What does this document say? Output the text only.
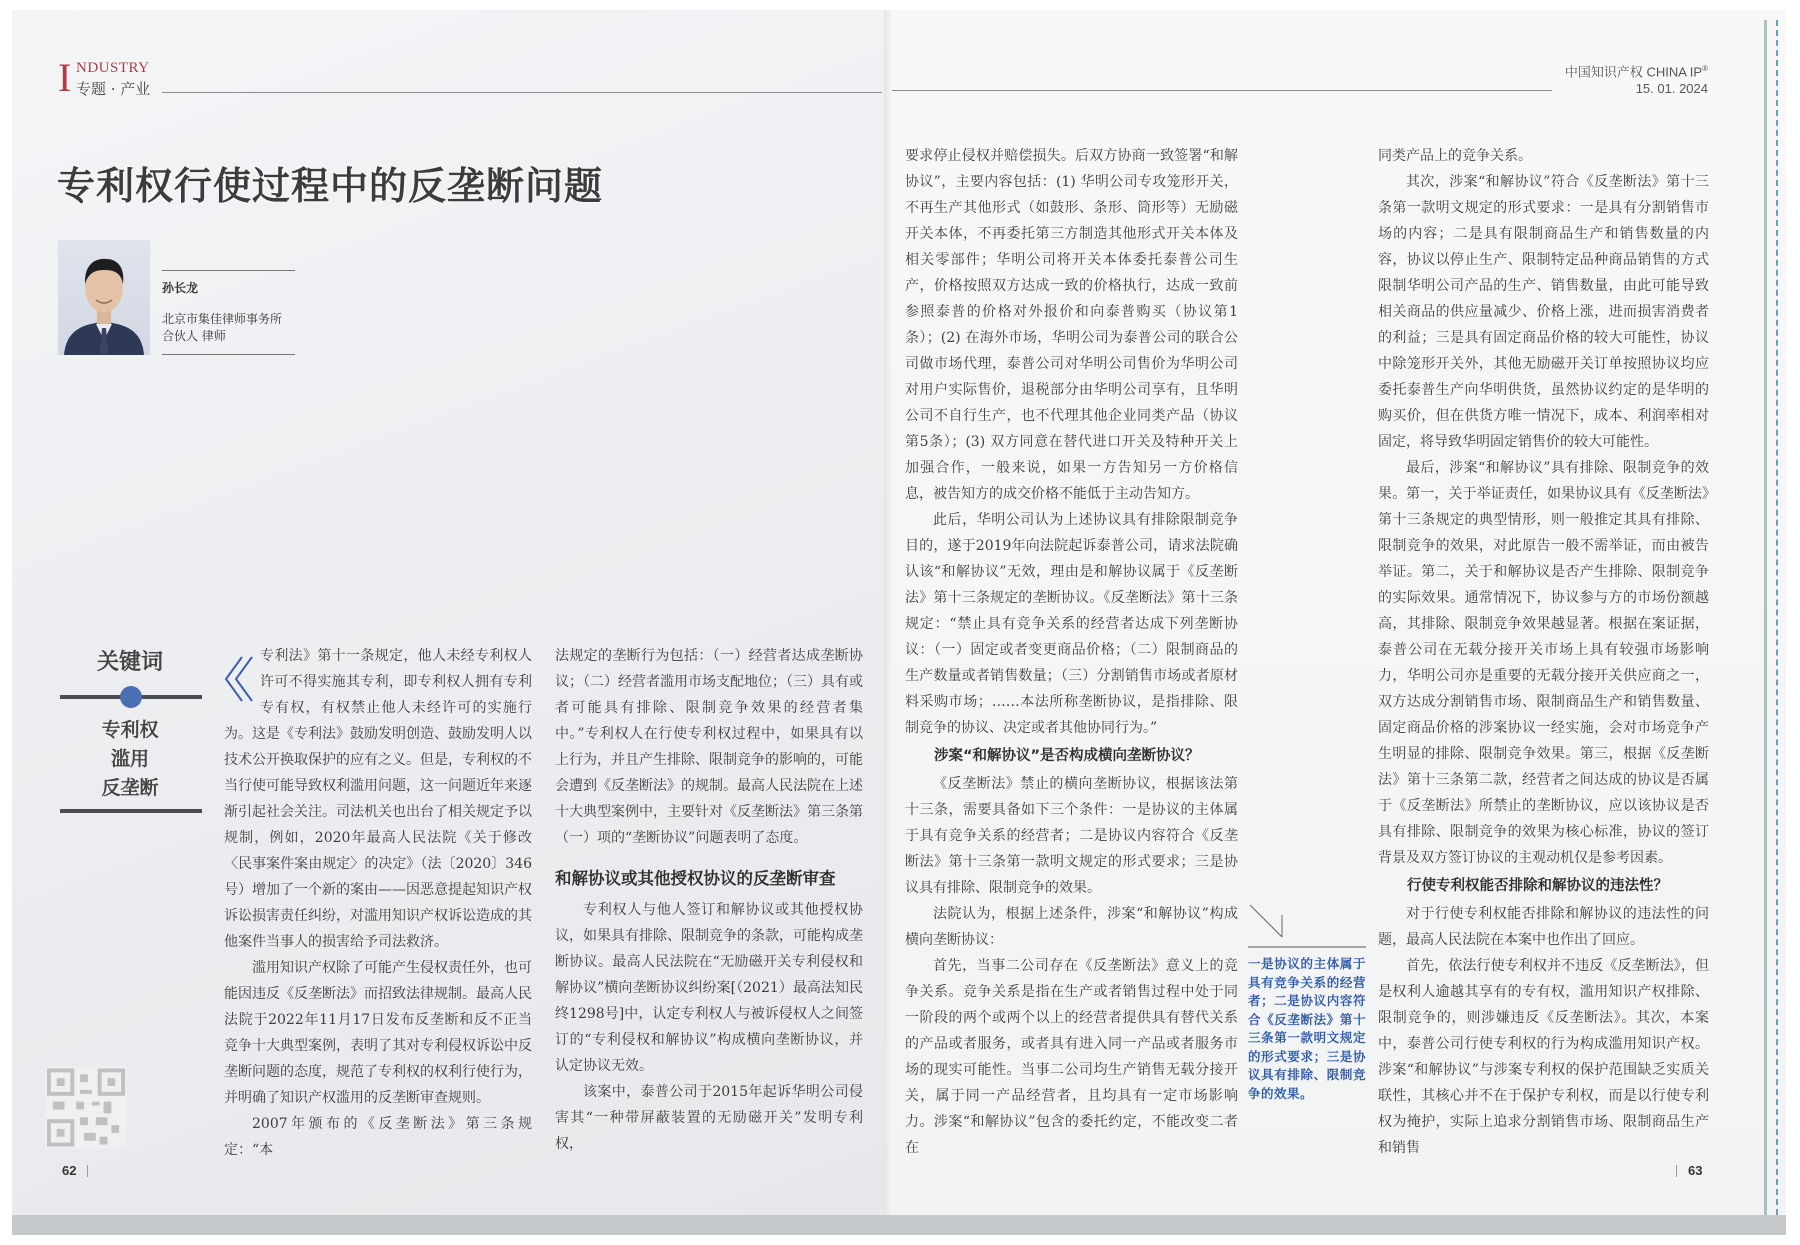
I NDUSTRY
专题 · 产业
中国知识产权 CHINA IP®
15. 01. 2024
专利权行使过程中的反垄断问题
孙长龙
北京市集佳律师事务所
合伙人 律师
关键词
专利权
滥用
反垄断

专利法》第十一条规定，他人未经专利权人许可不得实施其专利，即专利权人拥有专利专有权，有权禁止他人未经许可的实施行为。这是《专利法》鼓励发明创造、鼓励发明人以技术公开换取保护的应有之义。但是，专利权的不当行使可能导致权利滥用问题，这一问题近年来逐渐引起社会关注。司法机关也出台了相关规定予以规制，例如，2020年最高人民法院《关于修改〈民事案件案由规定〉的决定》（法〔2020〕346号）增加了一个新的案由——因恶意提起知识产权诉讼损害责任纠纷，对滥用知识产权诉讼造成的其他案件当事人的损害给予司法救济。

滥用知识产权除了可能产生侵权责任外，也可能因违反《反垄断法》而招致法律规制。最高人民法院于2022年11月17日发布反垄断和反不正当竞争十大典型案例，表明了其对专利侵权诉讼中反垄断问题的态度，规范了专利权的权利行使行为，并明确了知识产权滥用的反垄断审查规则。

2007年颁布的《反垄断法》第三条规定：“本

法规定的垄断行为包括：（一）经营者达成垄断协议；（二）经营者滥用市场支配地位；（三）具有或者可能具有排除、限制竞争效果的经营者集中。”专利权人在行使专利权过程中，如果具有以上行为，并且产生排除、限制竞争的影响的，可能会遭到《反垄断法》的规制。最高人民法院在上述十大典型案例中，主要针对《反垄断法》第三条第（一）项的“垄断协议”问题表明了态度。

和解协议或其他授权协议的反垄断审查

专利权人与他人签订和解协议或其他授权协议，如果具有排除、限制竞争的条款，可能构成垄断协议。最高人民法院在“无励磁开关专利侵权和解协议”横向垄断协议纠纷案[（2021）最高法知民终1298号]中，认定专利权人与被诉侵权人之间签订的“专利侵权和解协议”构成横向垄断协议，并认定协议无效。

该案中，泰普公司于2015年起诉华明公司侵害其“一种带屏蔽装置的无励磁开关”发明专利权，

要求停止侵权并赔偿损失。后双方协商一致签署“和解协议”，主要内容包括：(1) 华明公司专攻笼形开关，不再生产其他形式（如鼓形、条形、筒形等）无励磁开关本体，不再委托第三方制造其他形式开关本体及相关零部件；华明公司将开关本体委托泰普公司生产，价格按照双方达成一致的价格执行，达成一致前参照泰普的价格对外报价和向泰普购买（协议第1条）；(2) 在海外市场，华明公司为泰普公司的联合公司做市场代理，泰普公司对华明公司售价为华明公司对用户实际售价，退税部分由华明公司享有，且华明公司不自行生产，也不代理其他企业同类产品（协议第5条）；(3) 双方同意在替代进口开关及特种开关上加强合作，一般来说，如果一方告知另一方价格信息，被告知方的成交价格不能低于主动告知方。

此后，华明公司认为上述协议具有排除限制竞争目的，遂于2019年向法院起诉泰普公司，请求法院确认该“和解协议”无效，理由是和解协议属于《反垄断法》第十三条规定的垄断协议。《反垄断法》第十三条规定：“禁止具有竞争关系的经营者达成下列垄断协议：（一）固定或者变更商品价格；（二）限制商品的生产数量或者销售数量；（三）分割销售市场或者原材料采购市场；……本法所称垄断协议，是指排除、限制竞争的协议、决定或者其他协同行为。”

涉案“和解协议”是否构成横向垄断协议？

《反垄断法》禁止的横向垄断协议，根据该法第十三条，需要具备如下三个条件：一是协议的主体属于具有竞争关系的经营者；二是协议内容符合《反垄断法》第十三条第一款明文规定的形式要求；三是协议具有排除、限制竞争的效果。

法院认为，根据上述条件，涉案“和解协议”构成横向垄断协议：

首先，当事二公司存在《反垄断法》意义上的竞争关系。竞争关系是指在生产或者销售过程中处于同一阶段的两个或两个以上的经营者提供具有替代关系的产品或者服务，或者具有进入同一产品或者服务市场的现实可能性。当事二公司均生产销售无载分接开关，属于同一产品经营者，且均具有一定市场影响力。涉案“和解协议”包含的委托约定，不能改变二者在

一是协议的主体属于具有竞争关系的经营者；二是协议内容符合《反垄断法》第十三条第一款明文规定的形式要求；三是协议具有排除、限制竞争的效果。

同类产品上的竞争关系。

其次，涉案“和解协议”符合《反垄断法》第十三条第一款明文规定的形式要求：一是具有分割销售市场的内容；二是具有限制商品生产和销售数量的内容，协议以停止生产、限制特定品种商品销售的方式限制华明公司产品的生产、销售数量，由此可能导致相关商品的供应量减少、价格上涨，进而损害消费者的利益；三是具有固定商品价格的较大可能性，协议中除笼形开关外，其他无励磁开关订单按照协议均应委托泰普生产向华明供货，虽然协议约定的是华明的购买价，但在供货方唯一情况下，成本、利润率相对固定，将导致华明固定销售价的较大可能性。

最后，涉案“和解协议”具有排除、限制竞争的效果。第一，关于举证责任，如果协议具有《反垄断法》第十三条规定的典型情形，则一般推定其具有排除、限制竞争的效果，对此原告一般不需举证，而由被告举证。第二，关于和解协议是否产生排除、限制竞争的实际效果。通常情况下，协议参与方的市场份额越高，其排除、限制竞争效果越显著。根据在案证据，泰普公司在无载分接开关市场上具有较强市场影响力，华明公司亦是重要的无载分接开关供应商之一，双方达成分割销售市场、限制商品生产和销售数量、固定商品价格的涉案协议一经实施，会对市场竞争产生明显的排除、限制竞争效果。第三，根据《反垄断法》第十三条第二款，经营者之间达成的协议是否属于《反垄断法》所禁止的垄断协议，应以该协议是否具有排除、限制竞争的效果为核心标准，协议的签订背景及双方签订协议的主观动机仅是参考因素。

行使专利权能否排除和解协议的违法性？

对于行使专利权能否排除和解协议的违法性的问题，最高人民法院在本案中也作出了回应。

首先，依法行使专利权并不违反《反垄断法》，但是权利人逾越其享有的专有权，滥用知识产权排除、限制竞争的，则涉嫌违反《反垄断法》。其次，本案中，泰普公司行使专利权的行为构成滥用知识产权。涉案“和解协议”与涉案专利权的保护范围缺乏实质关联性，其核心并不在于保护专利权，而是以行使专利权为掩护，实际上追求分割销售市场、限制商品生产和销售

62	63
